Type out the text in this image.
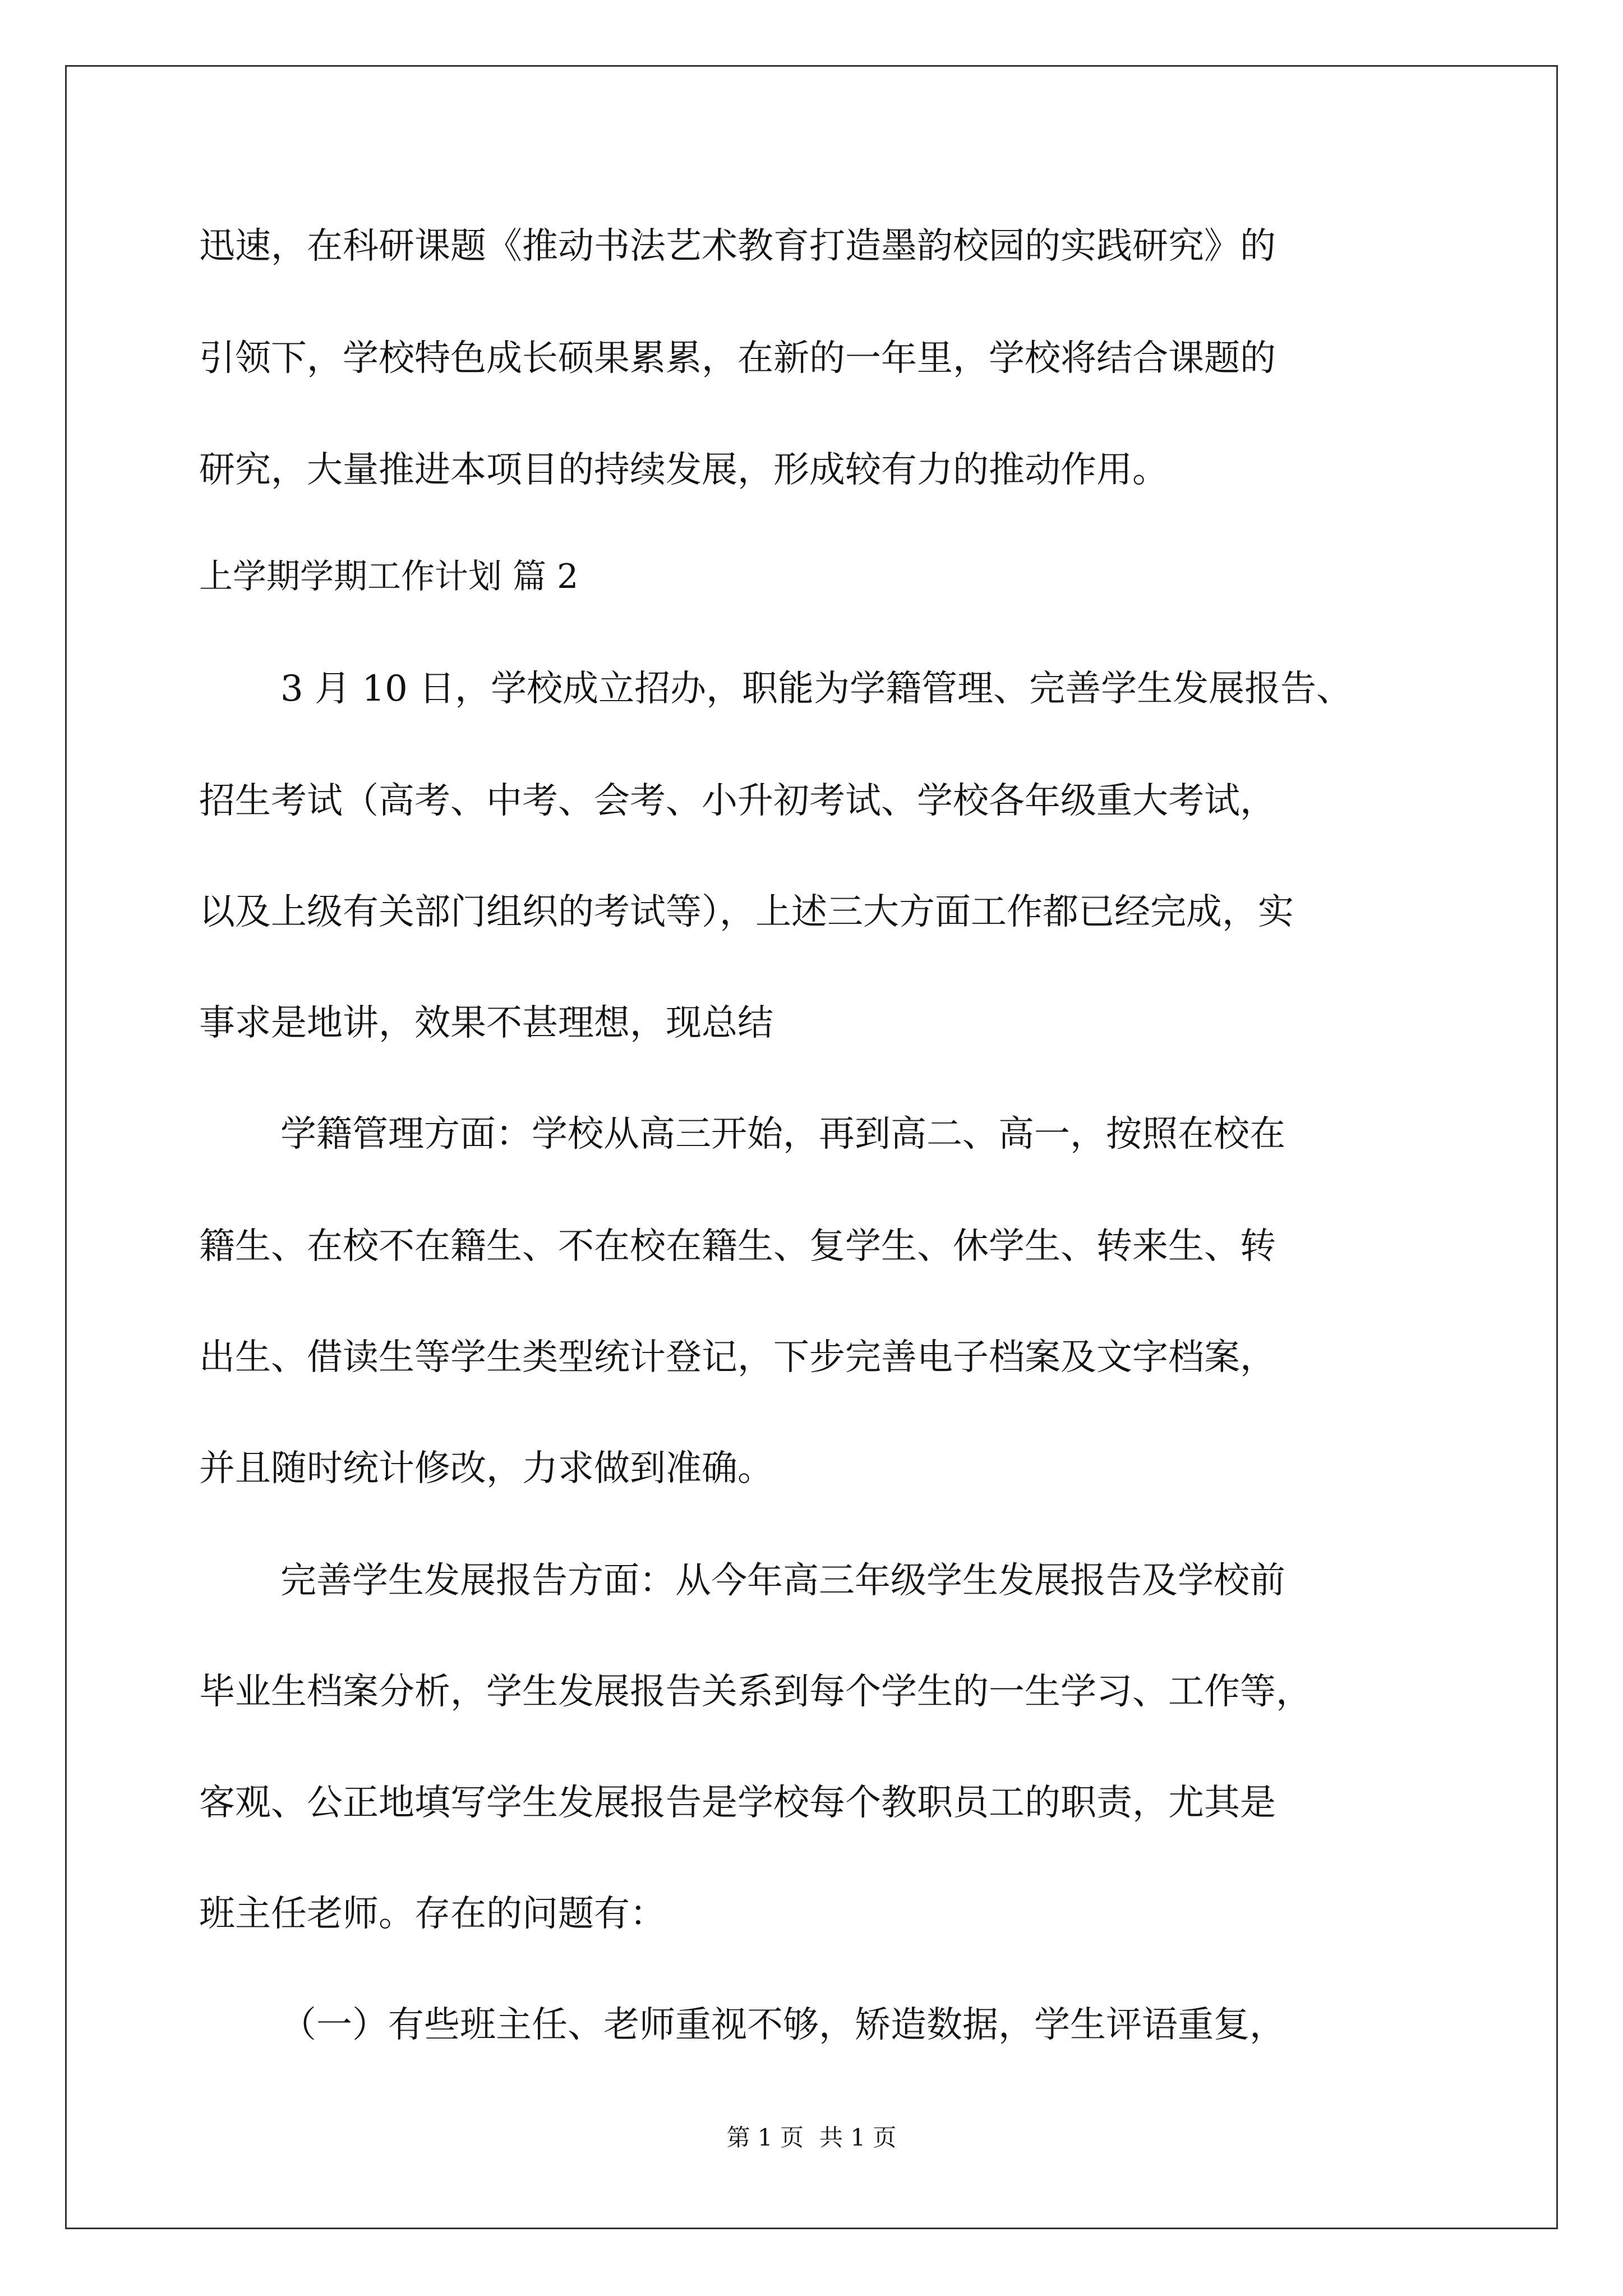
迅速，在科研课题《推动书法艺术教育打造墨韵校园的实践研究》的
引领下，学校特色成长硕果累累，在新的一年里，学校将结合课题的
研究，大量推进本项目的持续发展，形成较有力的推动作用。
上学期学期工作计划 篇 2
3 月 10 日，学校成立招办，职能为学籍管理、完善学生发展报告、
招生考试（高考、中考、会考、小升初考试、学校各年级重大考试，
以及上级有关部门组织的考试等），上述三大方面工作都已经完成，实
事求是地讲，效果不甚理想，现总结
学籍管理方面：学校从高三开始，再到高二、高一，按照在校在
籍生、在校不在籍生、不在校在籍生、复学生、休学生、转来生、转
出生、借读生等学生类型统计登记，下步完善电子档案及文字档案，
并且随时统计修改，力求做到准确。
完善学生发展报告方面：从今年高三年级学生发展报告及学校前
毕业生档案分析，学生发展报告关系到每个学生的一生学习、工作等，
客观、公正地填写学生发展报告是学校每个教职员工的职责，尤其是
班主任老师。存在的问题有：
（一）有些班主任、老师重视不够，矫造数据，学生评语重复，
第 1 页 共 1 页
